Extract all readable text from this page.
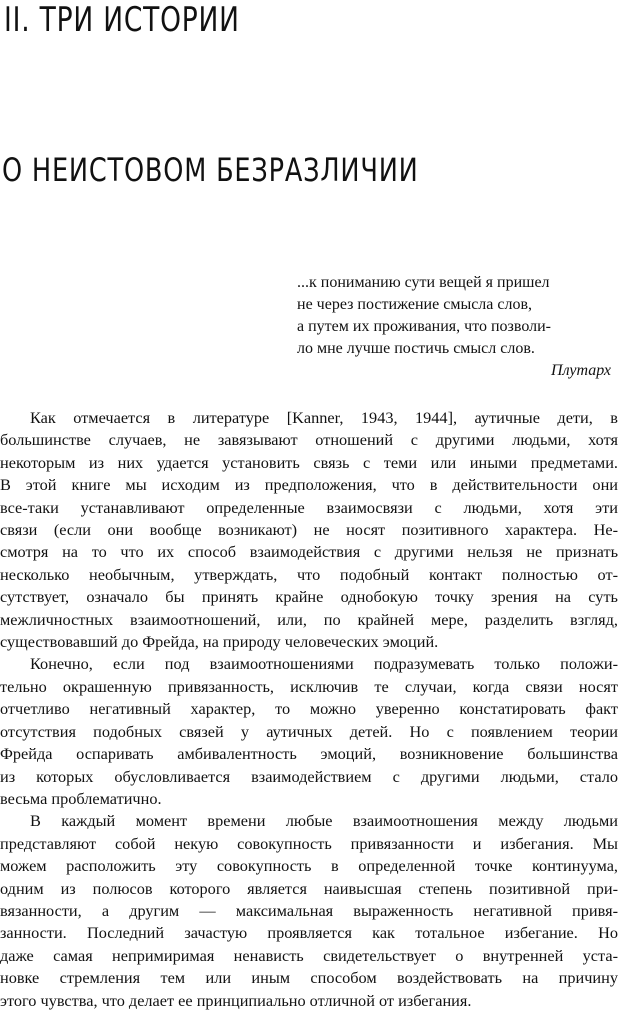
II. ТРИ ИСТОРИИ
О НЕИСТОВОМ БЕЗРАЗЛИЧИИ
...к пониманию сути вещей я пришел
не через постижение смысла слов,
а путем их проживания, что позволи-
ло мне лучше постичь смысл слов.
Плутарх

Как отмечается в литературе [Kanner, 1943, 1944], аутичные дети, в
большинстве случаев, не завязывают отношений с другими людьми, хотя
некоторым из них удается установить связь с теми или иными предметами.
В этой книге мы исходим из предположения, что в действительности они
все-таки устанавливают определенные взаимосвязи с людьми, хотя эти
связи (если они вообще возникают) не носят позитивного характера. Не-
смотря на то что их способ взаимодействия с другими нельзя не признать
несколько необычным, утверждать, что подобный контакт полностью от-
сутствует, означало бы принять крайне однобокую точку зрения на суть
межличностных взаимоотношений, или, по крайней мере, разделить взгляд,
существовавший до Фрейда, на природу человеческих эмоций.

Конечно, если под взаимоотношениями подразумевать только положи-
тельно окрашенную привязанность, исключив те случаи, когда связи носят
отчетливо негативный характер, то можно уверенно констатировать факт
отсутствия подобных связей у аутичных детей. Но с появлением теории
Фрейда оспаривать амбивалентность эмоций, возникновение большинства
из которых обусловливается взаимодействием с другими людьми, стало
весьма проблематично.

В каждый момент времени любые взаимоотношения между людьми
представляют собой некую совокупность привязанности и избегания. Мы
можем расположить эту совокупность в определенной точке континуума,
одним из полюсов которого является наивысшая степень позитивной при-
вязанности, а другим — максимальная выраженность негативной привя-
занности. Последний зачастую проявляется как тотальное избегание. Но
даже самая непримиримая ненависть свидетельствует о внутренней уста-
новке стремления тем или иным способом воздействовать на причину
этого чувства, что делает ее принципиально отличной от избегания.
